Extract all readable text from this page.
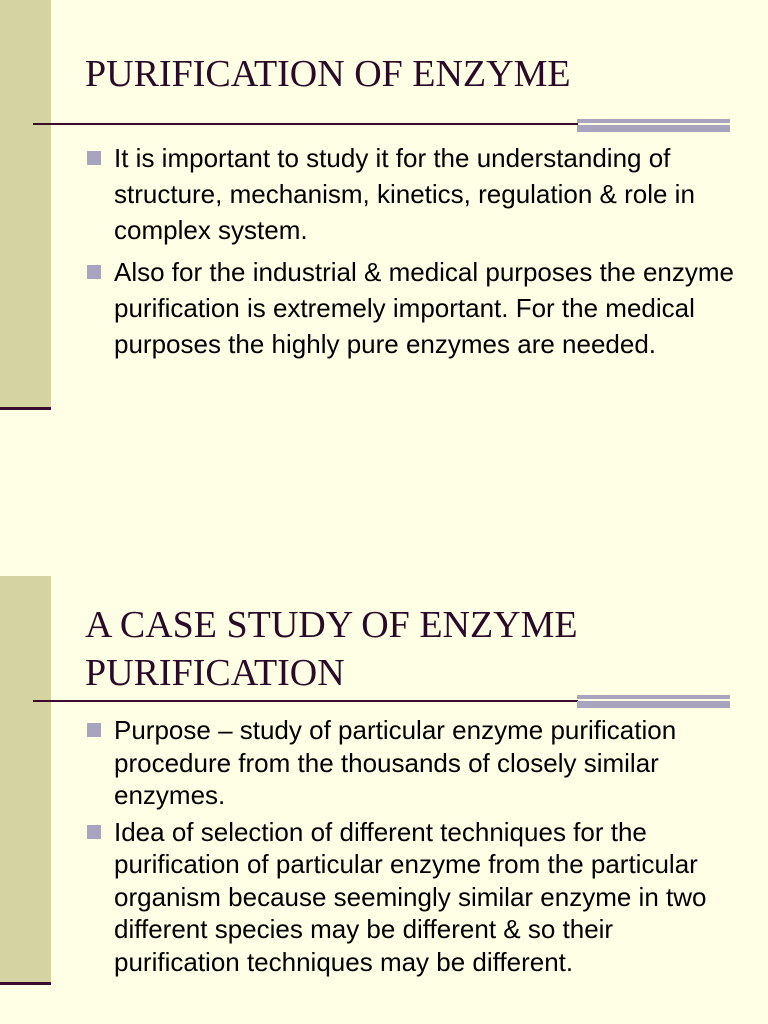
PURIFICATION OF ENZYME
It is important to study it for the understanding of structure, mechanism, kinetics, regulation & role in complex system.
Also for the industrial & medical purposes the enzyme purification is extremely important. For the medical purposes the highly pure enzymes are needed.
A CASE STUDY OF ENZYME PURIFICATION
Purpose – study of particular enzyme purification procedure from the thousands of closely similar enzymes.
Idea of selection of different techniques for the purification of particular enzyme from the particular organism because seemingly similar enzyme in two different species may be different & so their purification techniques may be different.
